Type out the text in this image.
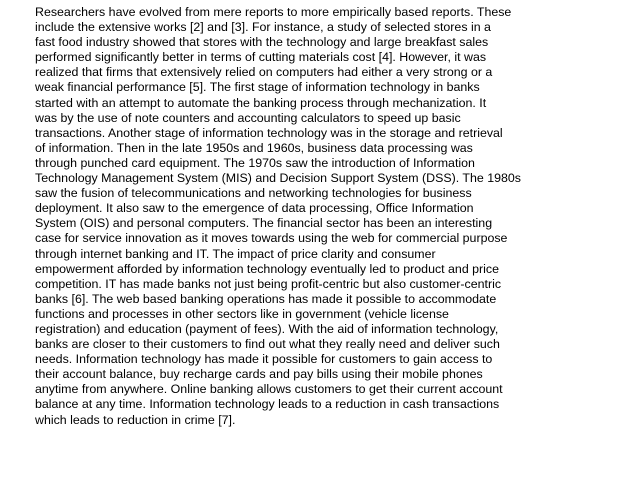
Researchers have evolved from mere reports to more empirically based reports. These
include the extensive works [2] and [3]. For instance, a study of selected stores in a
fast food industry showed that stores with the technology and large breakfast sales
performed significantly better in terms of cutting materials cost [4]. However, it was
realized that firms that extensively relied on computers had either a very strong or a
weak financial performance [5]. The first stage of information technology in banks
started with an attempt to automate the banking process through mechanization. It
was by the use of note counters and accounting calculators to speed up basic
transactions. Another stage of information technology was in the storage and retrieval
of information. Then in the late 1950s and 1960s, business data processing was
through punched card equipment. The 1970s saw the introduction of Information
Technology Management System (MIS) and Decision Support System (DSS). The 1980s
saw the fusion of telecommunications and networking technologies for business
deployment. It also saw to the emergence of data processing, Office Information
System (OIS) and personal computers. The financial sector has been an interesting
case for service innovation as it moves towards using the web for commercial purpose
through internet banking and IT. The impact of price clarity and consumer
empowerment afforded by information technology eventually led to product and price
competition. IT has made banks not just being profit-centric but also customer-centric
banks [6]. The web based banking operations has made it possible to accommodate
functions and processes in other sectors like in government (vehicle license
registration) and education (payment of fees). With the aid of information technology,
banks are closer to their customers to find out what they really need and deliver such
needs. Information technology has made it possible for customers to gain access to
their account balance, buy recharge cards and pay bills using their mobile phones
anytime from anywhere. Online banking allows customers to get their current account
balance at any time. Information technology leads to a reduction in cash transactions
which leads to reduction in crime [7].
